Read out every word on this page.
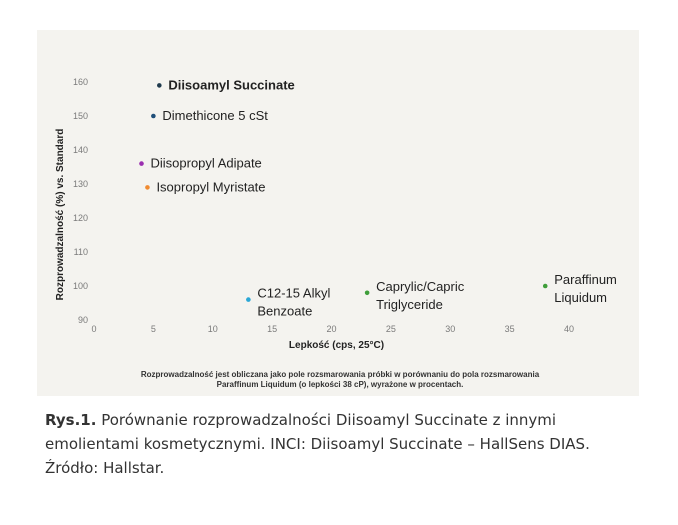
90
100
110
120
130
140
150
160
0	5	10	15	20	25	30	35	40
Diisoamyl Succinate
Dimethicone 5 cSt
Diisopropyl Adipate
Isopropyl Myristate
C12-15 Alkyl Benzoate
Caprylic/Capric Triglyceride
Paraffinum Liquidum
Lepkość (cps, 25°C)
Rozprowadzalność (%) vs. Standard
Rozprowadzalność jest obliczana jako pole rozsmarowania próbki w porównaniu do pola rozsmarowania
Paraffinum Liquidum (o lepkości 38 cP), wyrażone w procentach.
Rys.1. Porównanie rozprowadzalności Diisoamyl Succinate z innymi emolientami kosmetycznymi. INCI: Diisoamyl Succinate – HallSens DIAS. Źródło: Hallstar.
